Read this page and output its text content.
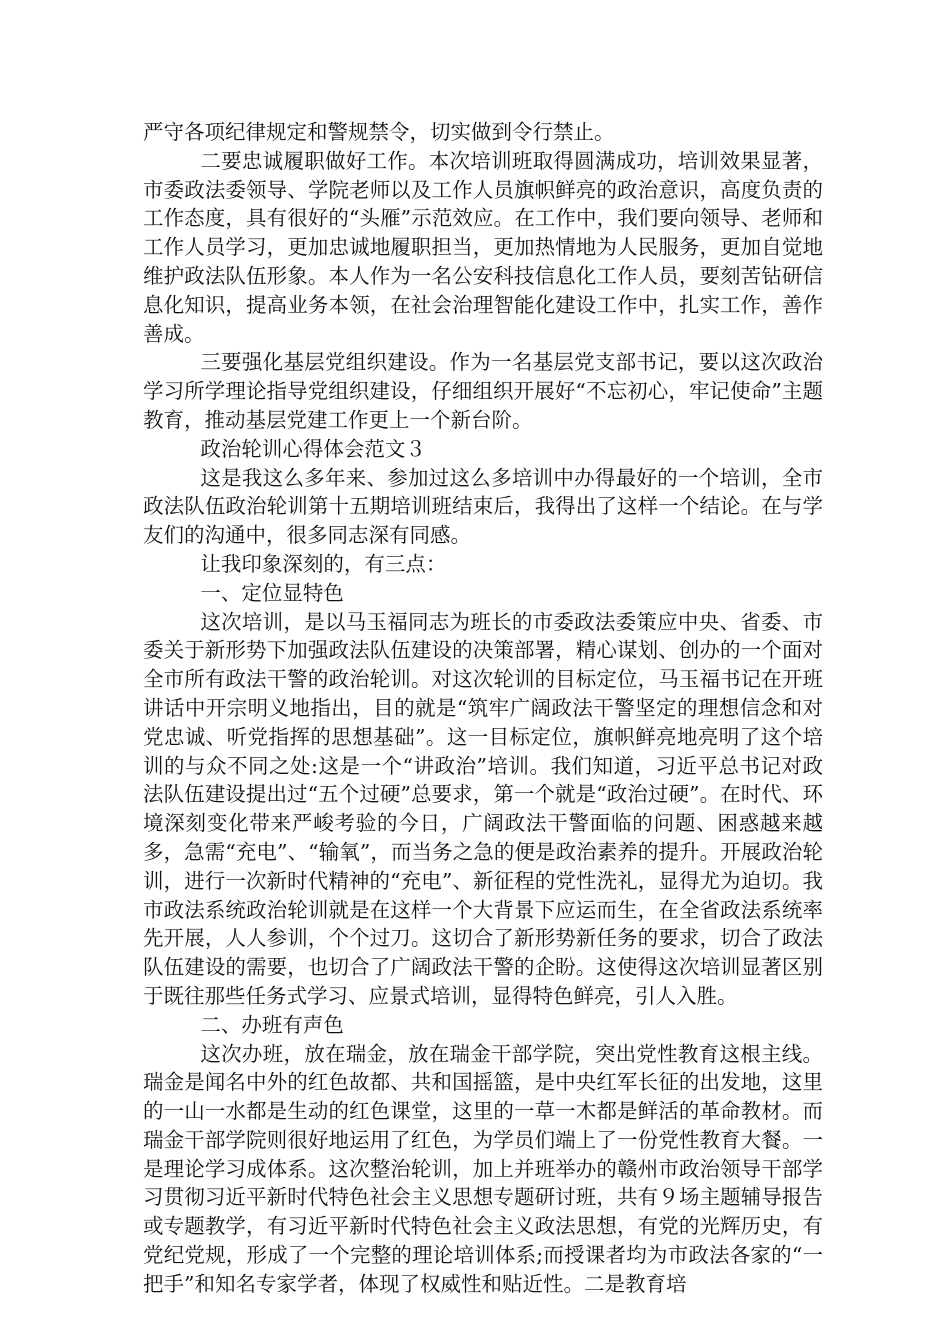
严守各项纪律规定和警规禁令，切实做到令行禁止。

二要忠诚履职做好工作。本次培训班取得圆满成功，培训效果显著，市委政法委领导、学院老师以及工作人员旗帜鲜亮的政治意识，高度负责的工作态度，具有很好的“头雁”示范效应。在工作中，我们要向领导、老师和工作人员学习，更加忠诚地履职担当，更加热情地为人民服务，更加自觉地维护政法队伍形象。本人作为一名公安科技信息化工作人员，要刻苦钻研信息化知识，提高业务本领，在社会治理智能化建设工作中，扎实工作，善作善成。

三要强化基层党组织建设。作为一名基层党支部书记，要以这次政治学习所学理论指导党组织建设，仔细组织开展好“不忘初心，牢记使命”主题教育，推动基层党建工作更上一个新台阶。

政治轮训心得体会范文３

这是我这么多年来、参加过这么多培训中办得最好的一个培训，全市政法队伍政治轮训第十五期培训班结束后，我得出了这样一个结论。在与学友们的沟通中，很多同志深有同感。

让我印象深刻的，有三点：

一、定位显特色

这次培训，是以马玉福同志为班长的市委政法委策应中央、省委、市委关于新形势下加强政法队伍建设的决策部署，精心谋划、创办的一个面对全市所有政法干警的政治轮训。对这次轮训的目标定位，马玉福书记在开班讲话中开宗明义地指出，目的就是“筑牢广阔政法干警坚定的理想信念和对党忠诚、听党指挥的思想基础”。这一目标定位，旗帜鲜亮地亮明了这个培训的与众不同之处:这是一个“讲政治”培训。我们知道，习近平总书记对政法队伍建设提出过“五个过硬”总要求，第一个就是“政治过硬”。在时代、环境深刻变化带来严峻考验的今日，广阔政法干警面临的问题、困惑越来越多，急需“充电”、“输氧”，而当务之急的便是政治素养的提升。开展政治轮训，进行一次新时代精神的“充电”、新征程的党性洗礼，显得尤为迫切。我市政法系统政治轮训就是在这样一个大背景下应运而生，在全省政法系统率先开展，人人参训，个个过刀。这切合了新形势新任务的要求，切合了政法队伍建设的需要，也切合了广阔政法干警的企盼。这使得这次培训显著区别于既往那些任务式学习、应景式培训，显得特色鲜亮，引人入胜。

二、办班有声色

这次办班，放在瑞金，放在瑞金干部学院，突出党性教育这根主线。瑞金是闻名中外的红色故都、共和国摇篮，是中央红军长征的出发地，这里的一山一水都是生动的红色课堂，这里的一草一木都是鲜活的革命教材。而瑞金干部学院则很好地运用了红色，为学员们端上了一份党性教育大餐。一是理论学习成体系。这次整治轮训，加上并班举办的赣州市政治领导干部学习贯彻习近平新时代特色社会主义思想专题研讨班，共有９场主题辅导报告或专题教学，有习近平新时代特色社会主义政法思想，有党的光辉历史，有党纪党规，形成了一个完整的理论培训体系;而授课者均为市政法各家的“一把手”和知名专家学者，体现了权威性和贴近性。二是教育培
